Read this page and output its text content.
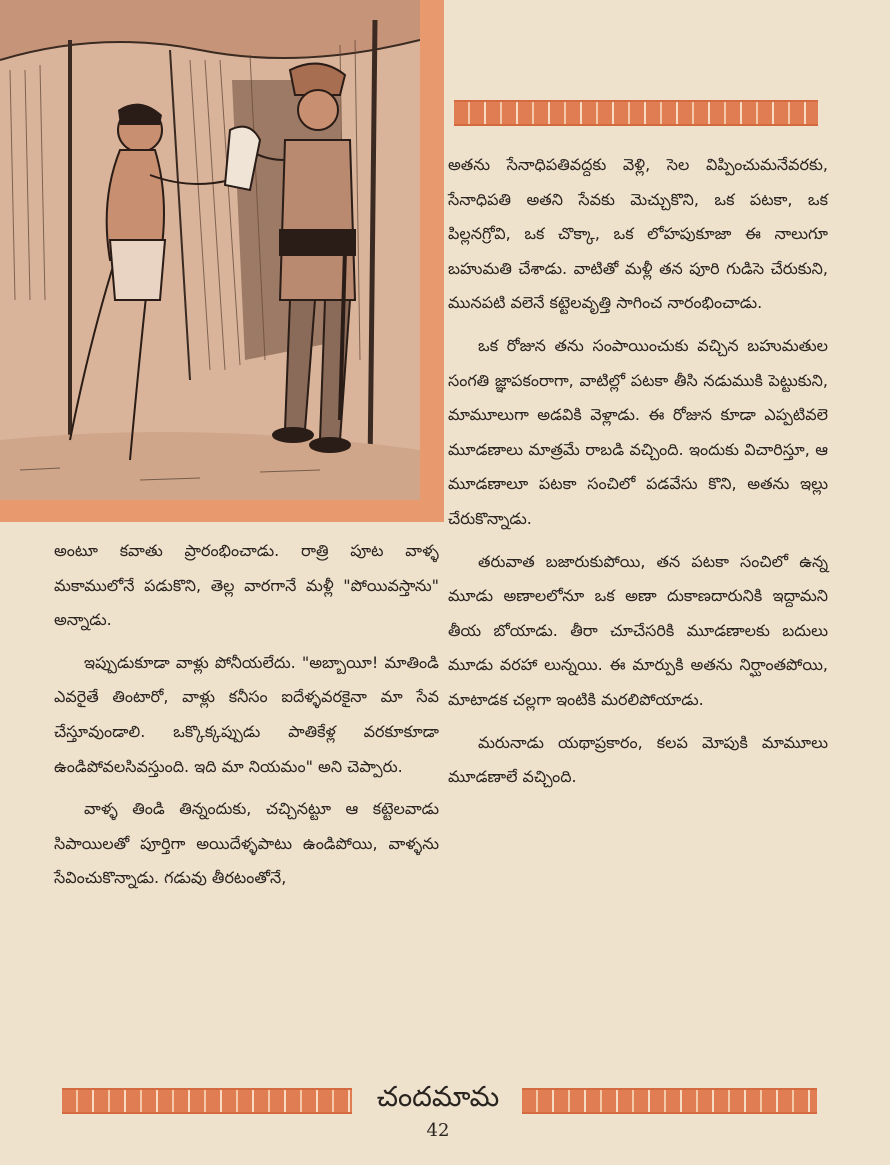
అతను సేనాధిపతివద్దకు వెళ్లి, సెల విప్పించుమనేవరకు, సేనాధిపతి అతని సేవకు మెచ్చుకొని, ఒక పటకా, ఒక పిల్లనగ్రోవి, ఒక చొక్కా, ఒక లోహపుకూజా ఈ నాలుగూ బహుమతి చేశాడు. వాటితో మళ్లీ తన పూరి గుడిసె చేరుకుని, మునపటి వలెనే కట్టెలవృత్తి సాగించ నారంభించాడు.

ఒక రోజున తను సంపాయించుకు వచ్చిన బహుమతుల సంగతి జ్ఞాపకంరాగా, వాటిల్లో పటకా తీసి నడుముకి పెట్టుకుని, మామూలుగా అడవికి వెళ్లాడు. ఈ రోజున కూడా ఎప్పటివలె మూడణాలు మాత్రమే రాబడి వచ్చింది. ఇందుకు విచారిస్తూ, ఆ మూడణాలూ పటకా సంచిలో పడవేసు కొని, అతను ఇల్లు చేరుకొన్నాడు.

తరువాత బజారుకుపోయి, తన పటకా సంచిలో ఉన్న మూడు అణాలలోనూ ఒక అణా దుకాణదారునికి ఇద్దామని తీయ బోయాడు. తీరా చూచేసరికి మూడణాలకు బదులు మూడు వరహా లున్నయి. ఈ మార్పుకి అతను నిర్ఘాంతపోయి, మాటాడక చల్లగా ఇంటికి మరలిపోయాడు.

మరునాడు యథాప్రకారం, కలప మోపుకి మామూలు మూడణాలే వచ్చింది.

అంటూ కవాతు ప్రారంభించాడు. రాత్రి పూట వాళ్ళ మకాములోనే పడుకొని, తెల్ల వారగానే మళ్లీ "పోయివస్తాను" అన్నాడు.

ఇప్పుడుకూడా వాళ్లు పోనీయలేదు. "అబ్బాయీ! మాతిండి ఎవరైతే తింటారో, వాళ్లు కనీసం ఐదేళ్ళవరకైనా మా సేవ చేస్తూవుండాలి. ఒక్కొక్కప్పుడు పాతికేళ్ల వరకూకూడా ఉండిపోవలసివస్తుంది. ఇది మా నియమం" అని చెప్పారు.

వాళ్ళ తిండి తిన్నందుకు, చచ్చినట్టూ ఆ కట్టెలవాడు సిపాయిలతో పూర్తిగా అయిదేళ్ళపాటు ఉండిపోయి, వాళ్ళను సేవించుకొన్నాడు. గడువు తీరటంతోనే,

చందమామ
42
